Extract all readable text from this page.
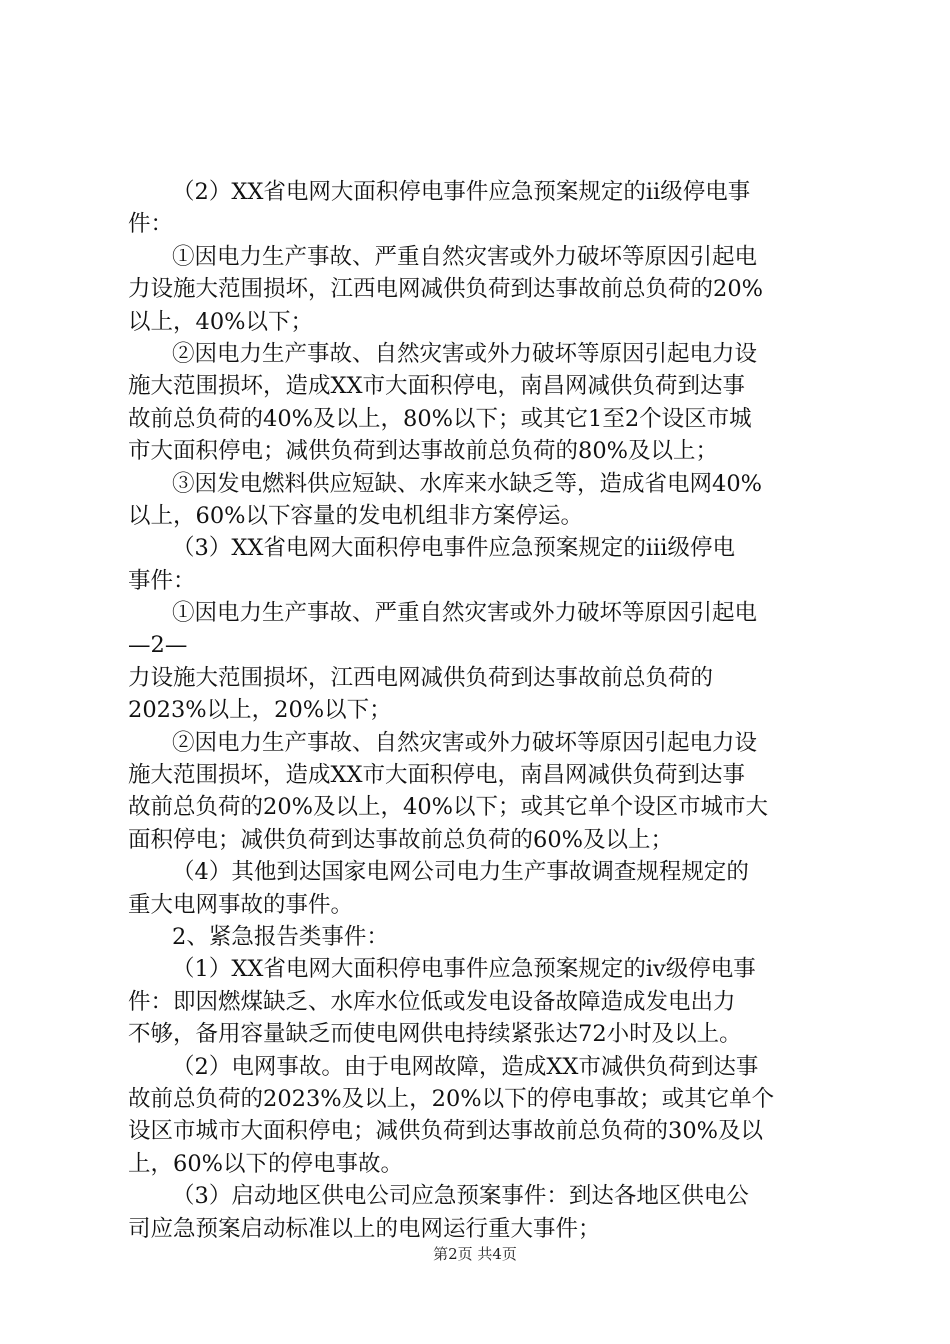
（2）XX省电网大面积停电事件应急预案规定的ii级停电事
件：
①因电力生产事故、严重自然灾害或外力破坏等原因引起电
力设施大范围损坏，江西电网减供负荷到达事故前总负荷的20%
以上，40%以下；
②因电力生产事故、自然灾害或外力破坏等原因引起电力设
施大范围损坏，造成XX市大面积停电，南昌网减供负荷到达事
故前总负荷的40%及以上，80%以下；或其它1至2个设区市城
市大面积停电；减供负荷到达事故前总负荷的80%及以上；
③因发电燃料供应短缺、水库来水缺乏等，造成省电网40%
以上，60%以下容量的发电机组非方案停运。
（3）XX省电网大面积停电事件应急预案规定的iii级停电
事件：
①因电力生产事故、严重自然灾害或外力破坏等原因引起电
—2—
力设施大范围损坏，江西电网减供负荷到达事故前总负荷的
2023%以上，20%以下；
②因电力生产事故、自然灾害或外力破坏等原因引起电力设
施大范围损坏，造成XX市大面积停电，南昌网减供负荷到达事
故前总负荷的20%及以上，40%以下；或其它单个设区市城市大
面积停电；减供负荷到达事故前总负荷的60%及以上；
（4）其他到达国家电网公司电力生产事故调查规程规定的
重大电网事故的事件。
2、紧急报告类事件：
（1）XX省电网大面积停电事件应急预案规定的iv级停电事
件：即因燃煤缺乏、水库水位低或发电设备故障造成发电出力
不够，备用容量缺乏而使电网供电持续紧张达72小时及以上。
（2）电网事故。由于电网故障，造成XX市减供负荷到达事
故前总负荷的2023%及以上，20%以下的停电事故；或其它单个
设区市城市大面积停电；减供负荷到达事故前总负荷的30%及以
上，60%以下的停电事故。
（3）启动地区供电公司应急预案事件：到达各地区供电公
司应急预案启动标准以上的电网运行重大事件；
第2页 共4页
